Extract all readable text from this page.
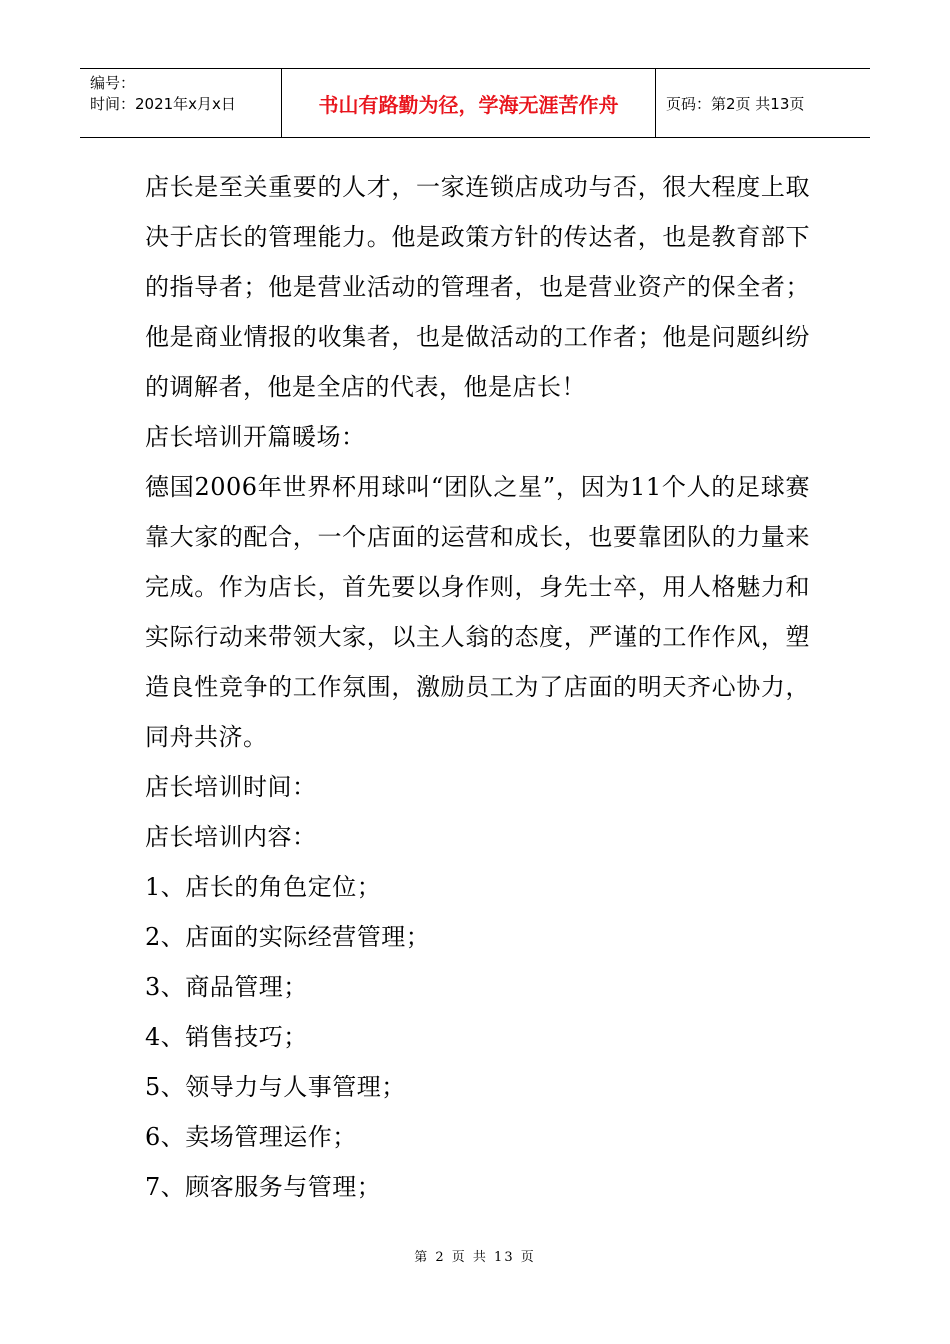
编号：
时间：2021年x月x日	书山有路勤为径，学海无涯苦作舟	页码：第2页 共13页

店长是至关重要的人才，一家连锁店成功与否，很大程度上取决于店长的管理能力。他是政策方针的传达者，也是教育部下的指导者；他是营业活动的管理者，也是营业资产的保全者；他是商业情报的收集者，也是做活动的工作者；他是问题纠纷的调解者，他是全店的代表，他是店长！

店长培训开篇暖场：

德国2006年世界杯用球叫“团队之星”，因为11个人的足球赛靠大家的配合，一个店面的运营和成长，也要靠团队的力量来完成。作为店长，首先要以身作则，身先士卒，用人格魅力和实际行动来带领大家，以主人翁的态度，严谨的工作作风，塑造良性竞争的工作氛围，激励员工为了店面的明天齐心协力，同舟共济。

店长培训时间：

店长培训内容：

1、店长的角色定位；

2、店面的实际经营管理；

3、商品管理；

4、销售技巧；

5、领导力与人事管理；

6、卖场管理运作；

7、顾客服务与管理；

第 2 页 共 13 页
